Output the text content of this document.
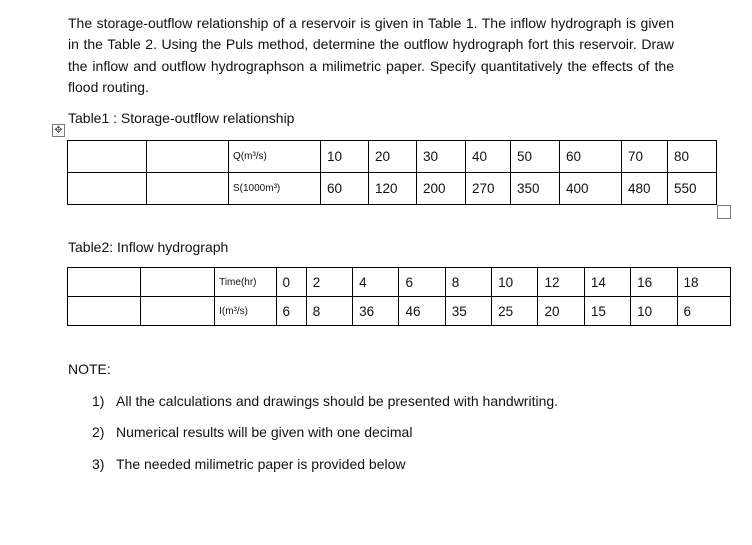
The storage-outflow relationship of a reservoir is given in Table 1. The inflow hydrograph is given in the Table 2. Using the Puls method, determine the outflow hydrograph fort this reservoir. Draw the inflow and outflow hydrographson a milimetric paper. Specify quantitatively the effects of the flood routing.

Table1 : Storage-outflow relationship

✥
		Q(m³/s)	10	20	30	40	50	60	70	80
		S(1000m³)	60	120	200	270	350	400	480	550

Table2: Inflow hydrograph

		Time(hr)	0	2	4	6	8	10	12	14	16	18
		I(m³/s)	6	8	36	46	35	25	20	15	10	6

NOTE:

1) All the calculations and drawings should be presented with handwriting.

2) Numerical results will be given with one decimal

3) The needed milimetric paper is provided below
